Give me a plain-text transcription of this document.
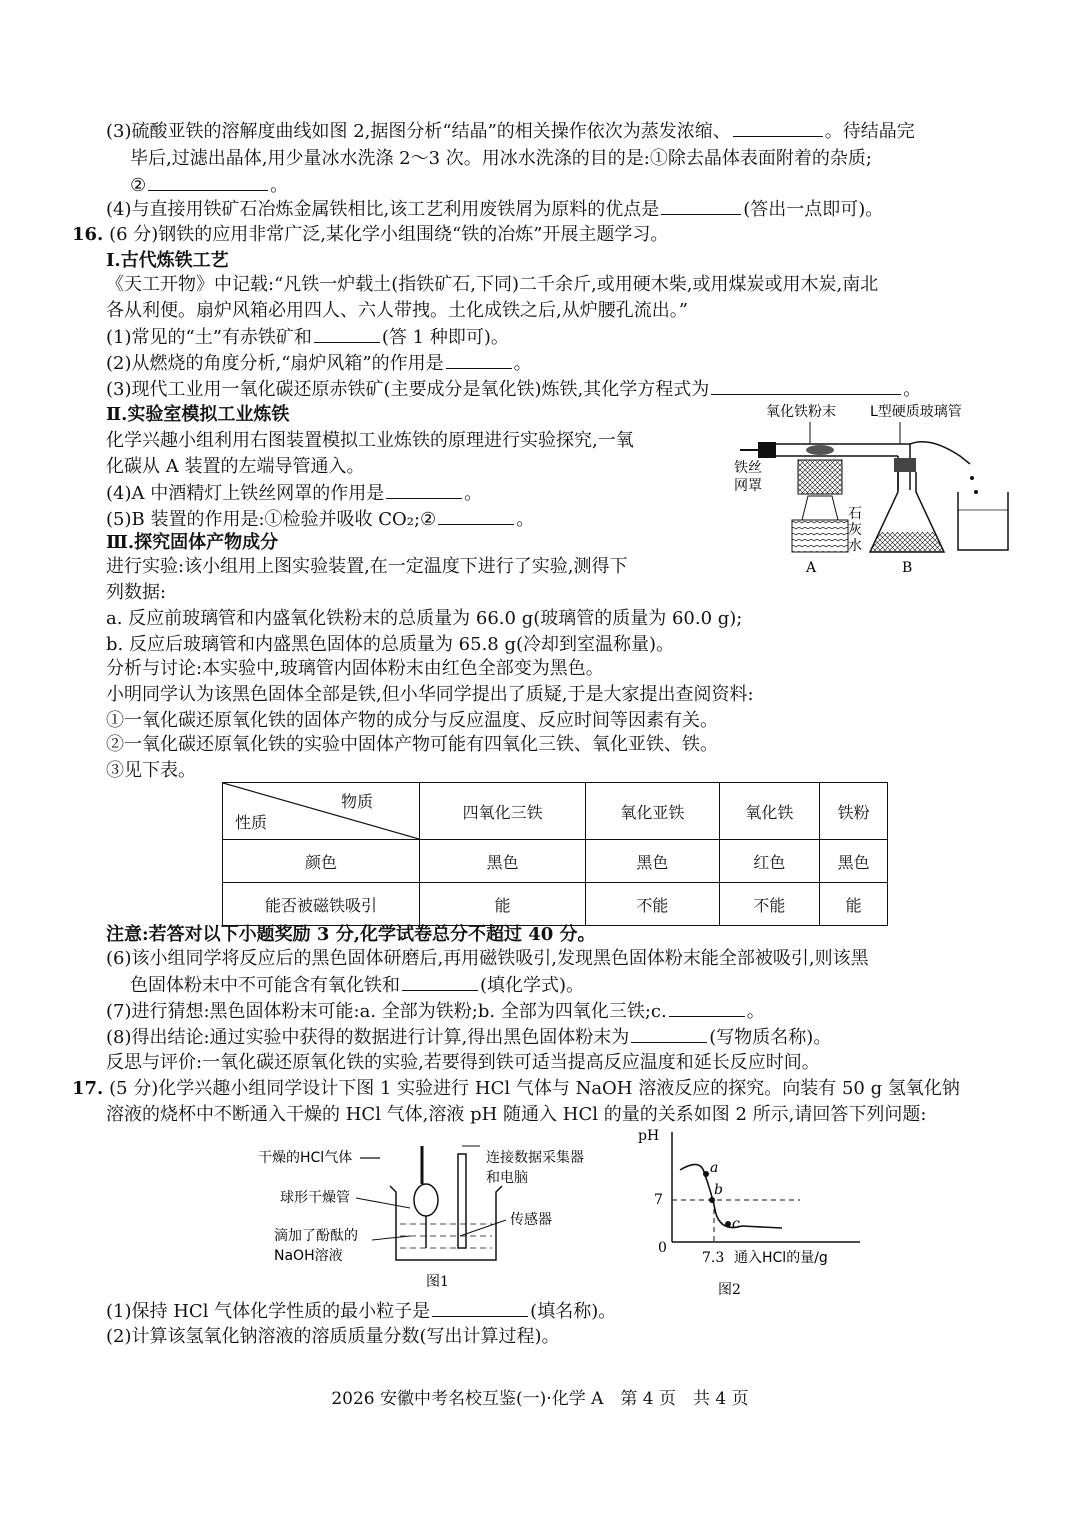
(3)硫酸亚铁的溶解度曲线如图 2,据图分析“结晶”的相关操作依次为蒸发浓缩、	。待结晶完
毕后,过滤出晶体,用少量冰水洗涤 2～3 次。用冰水洗涤的目的是:①除去晶体表面附着的杂质;
②	。
(4)与直接用铁矿石冶炼金属铁相比,该工艺利用废铁屑为原料的优点是	(答出一点即可)。
16. (6 分)钢铁的应用非常广泛,某化学小组围绕“铁的冶炼”开展主题学习。
Ⅰ.古代炼铁工艺
《天工开物》中记载:“凡铁一炉载土(指铁矿石,下同)二千余斤,或用硬木柴,或用煤炭或用木炭,南北
各从利便。扇炉风箱必用四人、六人带拽。土化成铁之后,从炉腰孔流出。”
(1)常见的“土”有赤铁矿和	(答 1 种即可)。
(2)从燃烧的角度分析,“扇炉风箱”的作用是	。
(3)现代工业用一氧化碳还原赤铁矿(主要成分是氧化铁)炼铁,其化学方程式为	。
Ⅱ.实验室模拟工业炼铁
化学兴趣小组利用右图装置模拟工业炼铁的原理进行实验探究,一氧
化碳从 A 装置的左端导管通入。
(4)A 中酒精灯上铁丝网罩的作用是	。
(5)B 装置的作用是:①检验并吸收 CO₂;②	。
Ⅲ.探究固体产物成分
进行实验:该小组用上图实验装置,在一定温度下进行了实验,测得下
列数据:
a. 反应前玻璃管和内盛氧化铁粉末的总质量为 66.0 g(玻璃管的质量为 60.0 g);
b. 反应后玻璃管和内盛黑色固体的总质量为 65.8 g(冷却到室温称量)。
分析与讨论:本实验中,玻璃管内固体粉末由红色全部变为黑色。
小明同学认为该黑色固体全部是铁,但小华同学提出了质疑,于是大家提出查阅资料:
①一氧化碳还原氧化铁的固体产物的成分与反应温度、反应时间等因素有关。
②一氧化碳还原氧化铁的实验中固体产物可能有四氧化三铁、氧化亚铁、铁。
③见下表。
氧化铁粉末 L型硬质玻璃管
铁丝
网罩
石
灰
水
A	B
物质
性质	四氧化三铁	氧化亚铁	氧化铁	铁粉
颜色	黑色	黑色	红色	黑色
能否被磁铁吸引	能	不能	不能	能
注意:若答对以下小题奖励 3 分,化学试卷总分不超过 40 分。
(6)该小组同学将反应后的黑色固体研磨后,再用磁铁吸引,发现黑色固体粉末能全部被吸引,则该黑
色固体粉末中不可能含有氧化铁和	(填化学式)。
(7)进行猜想:黑色固体粉末可能:a. 全部为铁粉;b. 全部为四氧化三铁;c.	。
(8)得出结论:通过实验中获得的数据进行计算,得出黑色固体粉末为	(写物质名称)。
反思与评价:一氧化碳还原氧化铁的实验,若要得到铁可适当提高反应温度和延长反应时间。
17. (5 分)化学兴趣小组同学设计下图 1 实验进行 HCl 气体与 NaOH 溶液反应的探究。向装有 50 g 氢氧化钠
溶液的烧杯中不断通入干燥的 HCl 气体,溶液 pH 随通入 HCl 的量的关系如图 2 所示,请回答下列问题:
干燥的HCl气体	连接数据采集器
和电脑
球形干燥管
传感器
滴加了酚酞的
NaOH溶液
图1
pH
7
0
a
b
c
7.3 通入HCl的量/g
图2
(1)保持 HCl 气体化学性质的最小粒子是	(填名称)。
(2)计算该氢氧化钠溶液的溶质质量分数(写出计算过程)。
2026 安徽中考名校互鉴(一)·化学 A　第 4 页　共 4 页
